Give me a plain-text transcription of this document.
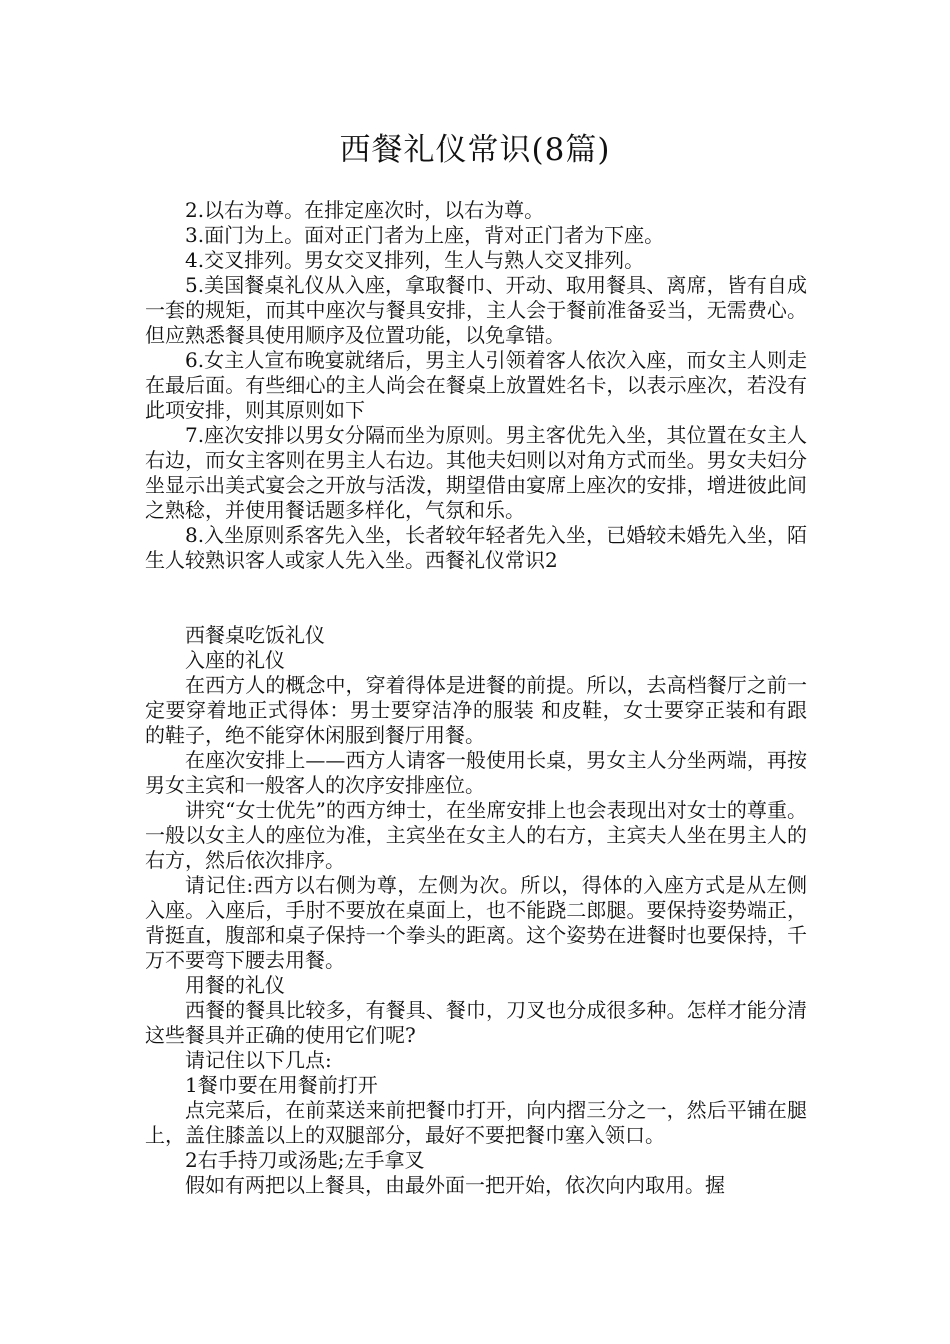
西餐礼仪常识(8篇)

2.以右为尊。在排定座次时，以右为尊。

3.面门为上。面对正门者为上座，背对正门者为下座。

4.交叉排列。男女交叉排列，生人与熟人交叉排列。

5.美国餐桌礼仪从入座，拿取餐巾、开动、取用餐具、离席，皆有自成一套的规矩，而其中座次与餐具安排，主人会于餐前准备妥当，无需费心。但应熟悉餐具使用顺序及位置功能，以免拿错。

6.女主人宣布晚宴就绪后，男主人引领着客人依次入座，而女主人则走在最后面。有些细心的主人尚会在餐桌上放置姓名卡，以表示座次，若没有此项安排，则其原则如下

7.座次安排以男女分隔而坐为原则。男主客优先入坐，其位置在女主人右边，而女主客则在男主人右边。其他夫妇则以对角方式而坐。男女夫妇分坐显示出美式宴会之开放与活泼，期望借由宴席上座次的安排，增进彼此间之熟稔，并使用餐话题多样化，气氛和乐。

8.入坐原则系客先入坐，长者较年轻者先入坐，已婚较未婚先入坐，陌生人较熟识客人或家人先入坐。西餐礼仪常识2

西餐桌吃饭礼仪

入座的礼仪

在西方人的概念中，穿着得体是进餐的前提。所以，去高档餐厅之前一定要穿着地正式得体：男士要穿洁净的服装 和皮鞋，女士要穿正装和有跟的鞋子，绝不能穿休闲服到餐厅用餐。

在座次安排上——西方人请客一般使用长桌，男女主人分坐两端，再按男女主宾和一般客人的次序安排座位。

讲究“女士优先”的西方绅士，在坐席安排上也会表现出对女士的尊重。一般以女主人的座位为准，主宾坐在女主人的右方，主宾夫人坐在男主人的右方，然后依次排序。

请记住:西方以右侧为尊，左侧为次。所以，得体的入座方式是从左侧入座。入座后，手肘不要放在桌面上，也不能跷二郎腿。要保持姿势端正，背挺直，腹部和桌子保持一个拳头的距离。这个姿势在进餐时也要保持，千万不要弯下腰去用餐。

用餐的礼仪

西餐的餐具比较多，有餐具、餐巾，刀叉也分成很多种。怎样才能分清这些餐具并正确的使用它们呢?

请记住以下几点:

1餐巾要在用餐前打开

点完菜后，在前菜送来前把餐巾打开，向内摺三分之一，然后平铺在腿上，盖住膝盖以上的双腿部分，最好不要把餐巾塞入领口。

2右手持刀或汤匙;左手拿叉

假如有两把以上餐具，由最外面一把开始，依次向内取用。握
